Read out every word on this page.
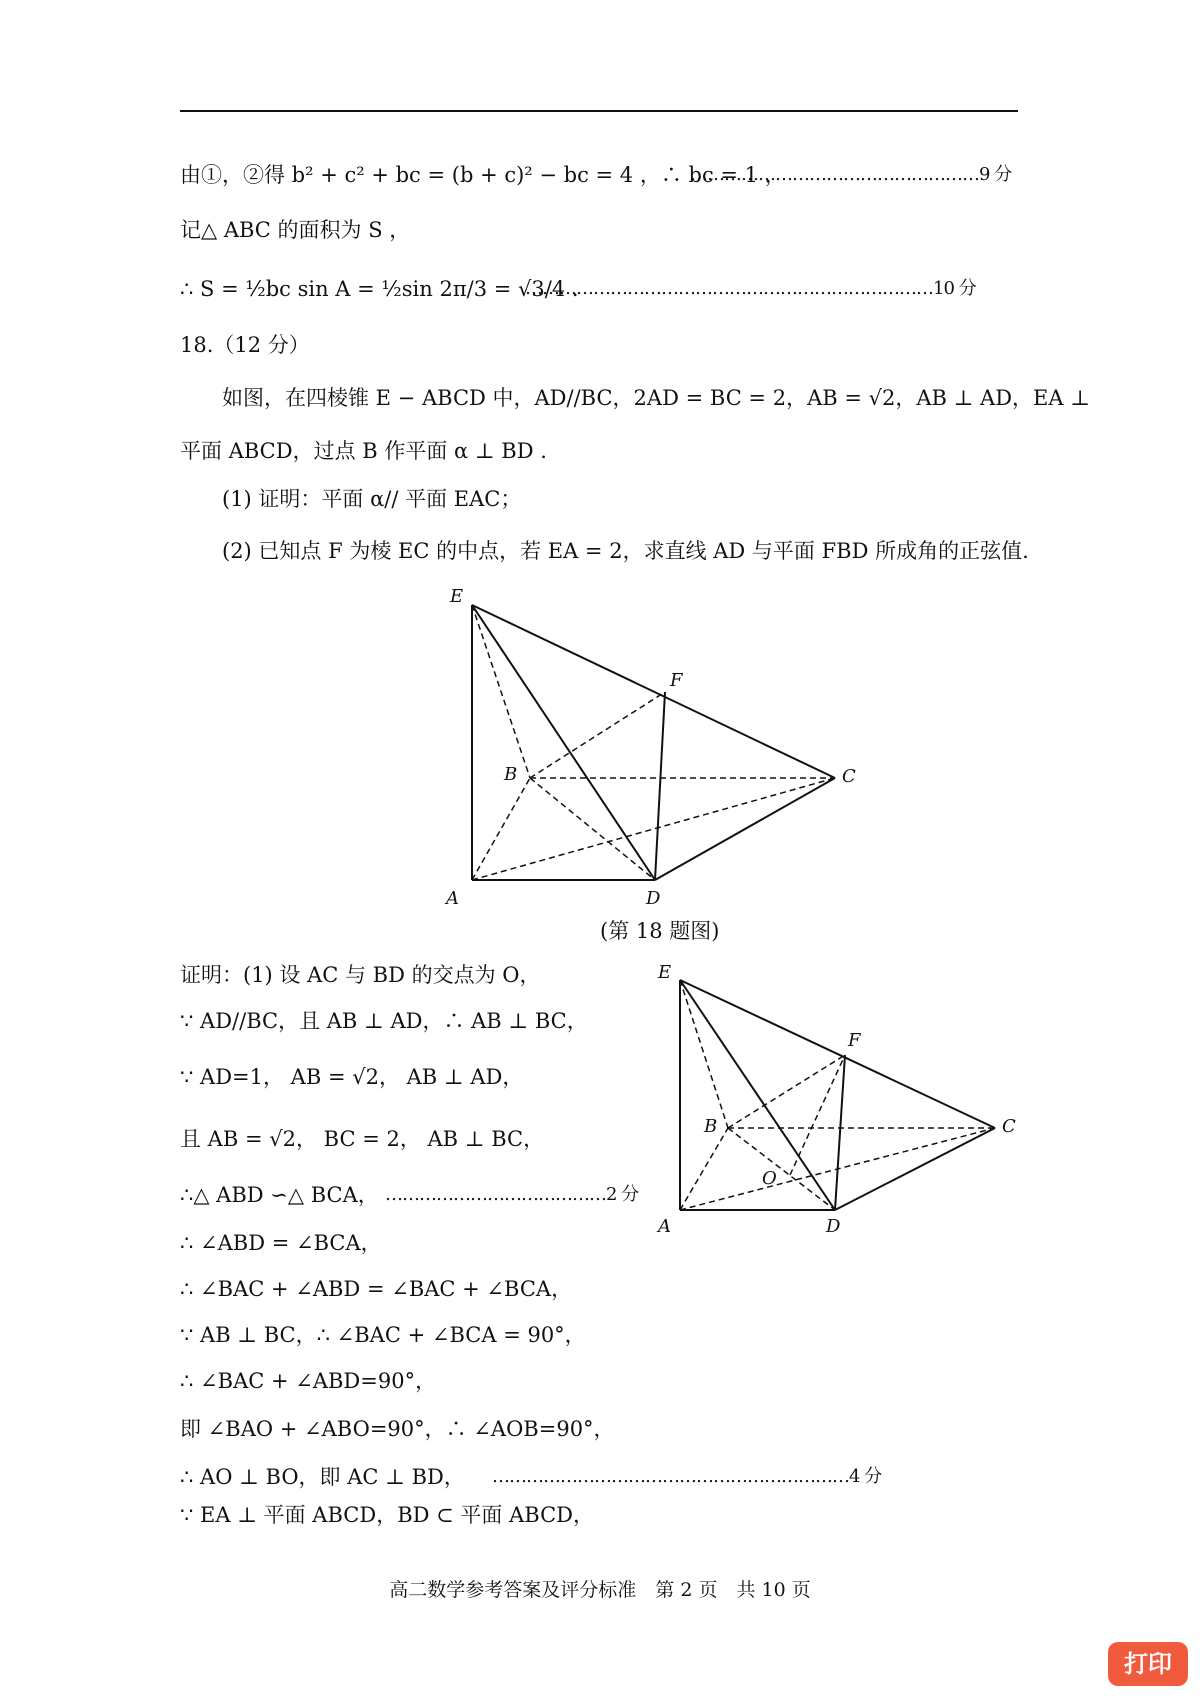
由①，②得 b² + c² + bc = (b + c)² − bc = 4 ，∴ bc = 1 ，
……………………………………………9 分
记△ ABC 的面积为 S ，
∴ S = ½bc sin A = ½sin 2π/3 = √3/4 .
………………………………………………………………10 分
18.（12 分）
如图，在四棱锥 E − ABCD 中，AD//BC，2AD = BC = 2，AB = √2，AB ⊥ AD，EA ⊥
平面 ABCD，过点 B 作平面 α ⊥ BD .
(1) 证明：平面 α// 平面 EAC；
(2) 已知点 F 为棱 EC 的中点，若 EA = 2，求直线 AD 与平面 FBD 所成角的正弦值.
E
F
B	C
A	D
(第 18 题图)
证明：(1) 设 AC 与 BD 的交点为 O，
∵ AD//BC，且 AB ⊥ AD，∴ AB ⊥ BC，
∵ AD=1， AB = √2， AB ⊥ AD，
且 AB = √2， BC = 2， AB ⊥ BC，
∴△ ABD ∽△ BCA， …………………………………2 分
∴ ∠ABD = ∠BCA，
∴ ∠BAC + ∠ABD = ∠BAC + ∠BCA，
∵ AB ⊥ BC，∴ ∠BAC + ∠BCA = 90°，
∴ ∠BAC + ∠ABD=90°，
即 ∠BAO + ∠ABO=90°，∴ ∠AOB=90°，
∴ AO ⊥ BO，即 AC ⊥ BD， ………………………………………………………4 分
∵ EA ⊥ 平面 ABCD，BD ⊂ 平面 ABCD，
E
F
B	C
O
A	D
高二数学参考答案及评分标准　第 2 页　共 10 页
打印
